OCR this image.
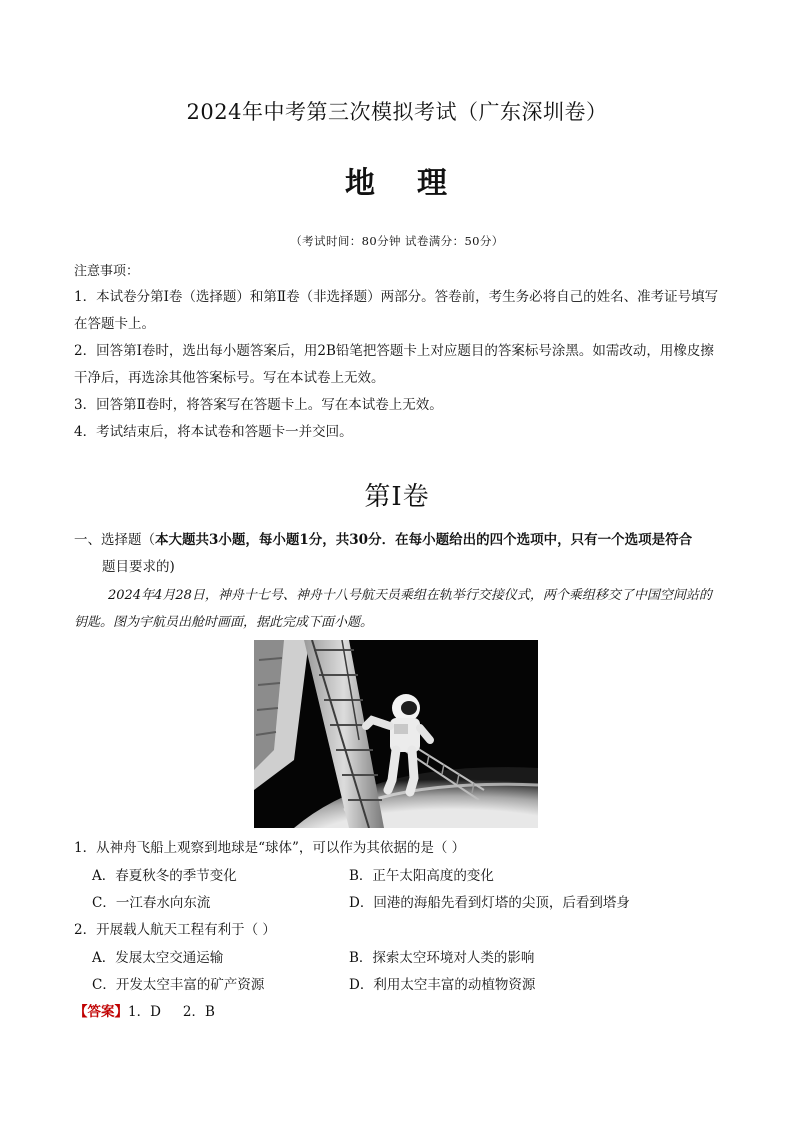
2024年中考第三次模拟考试（广东深圳卷）
地 理
（考试时间：80分钟 试卷满分：50分）
注意事项：
1．本试卷分第Ⅰ卷（选择题）和第Ⅱ卷（非选择题）两部分。答卷前，考生务必将自己的姓名、准考证号填写在答题卡上。
2．回答第Ⅰ卷时，选出每小题答案后，用2B铅笔把答题卡上对应题目的答案标号涂黑。如需改动，用橡皮擦干净后，再选涂其他答案标号。写在本试卷上无效。
3．回答第Ⅱ卷时，将答案写在答题卡上。写在本试卷上无效。
4．考试结束后，将本试卷和答题卡一并交回。
第Ⅰ卷
一、选择题（本大题共3小题，每小题1分，共30分．在每小题给出的四个选项中，只有一个选项是符合
题目要求的)
2024年4月28日，神舟十七号、神舟十八号航天员乘组在轨举行交接仪式，两个乘组移交了中国空间站的钥匙。图为宇航员出舱时画面，据此完成下面小题。
1．从神舟飞船上观察到地球是“球体”，可以作为其依据的是（ ）
A．春夏秋冬的季节变化	B．正午太阳高度的变化
C．一江春水向东流	D．回港的海船先看到灯塔的尖顶，后看到塔身
2．开展载人航天工程有利于（ ）
A．发展太空交通运输	B．探索太空环境对人类的影响
C．开发太空丰富的矿产资源	D．利用太空丰富的动植物资源
【答案】1．D 2．B
